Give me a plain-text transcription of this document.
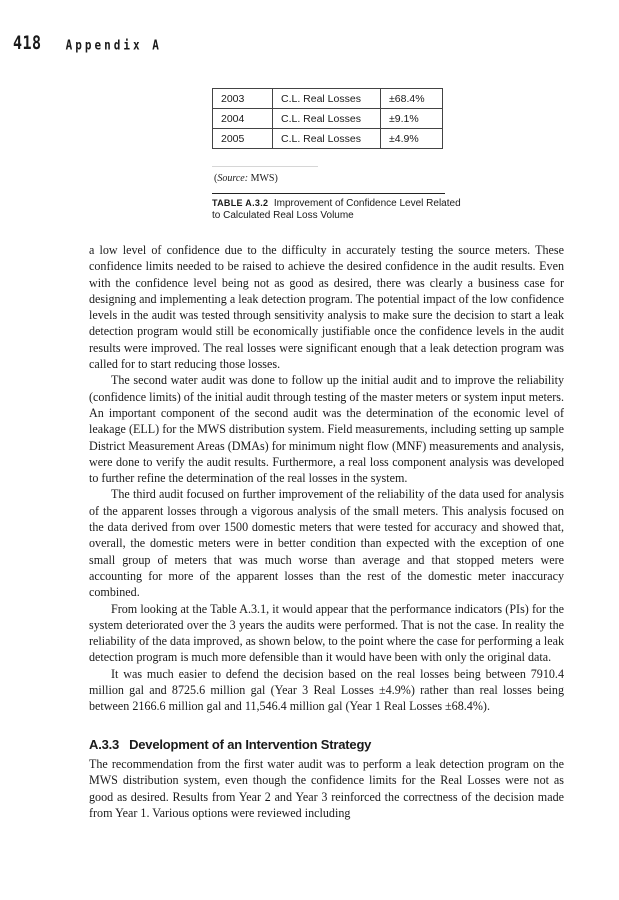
418 Appendix A
2003	C.L. Real Losses	±68.4%
2004	C.L. Real Losses	±9.1%
2005	C.L. Real Losses	±4.9%
(Source: MWS)
TABLE A.3.2 Improvement of Confidence Level Related to Calculated Real Loss Volume

a low level of confidence due to the difficulty in accurately testing the source meters. These confidence limits needed to be raised to achieve the desired confidence in the audit results. Even with the confidence level being not as good as desired, there was clearly a business case for designing and implementing a leak detection program. The potential impact of the low confidence levels in the audit was tested through sensitivity analysis to make sure the decision to start a leak detection program would still be economically justifiable once the confidence levels in the audit results were improved. The real losses were significant enough that a leak detection program was called for to start reducing those losses.

The second water audit was done to follow up the initial audit and to improve the reliability (confidence limits) of the initial audit through testing of the master meters or system input meters. An important component of the second audit was the determination of the economic level of leakage (ELL) for the MWS distribution system. Field measurements, including setting up sample District Measurement Areas (DMAs) for minimum night flow (MNF) measurements and analysis, were done to verify the audit results. Furthermore, a real loss component analysis was developed to further refine the determination of the real losses in the system.

The third audit focused on further improvement of the reliability of the data used for analysis of the apparent losses through a vigorous analysis of the small meters. This analysis focused on the data derived from over 1500 domestic meters that were tested for accuracy and showed that, overall, the domestic meters were in better condition than expected with the exception of one small group of meters that was much worse than average and that stopped meters were accounting for more of the apparent losses than the rest of the domestic meter inaccuracy combined.

From looking at the Table A.3.1, it would appear that the performance indicators (PIs) for the system deteriorated over the 3 years the audits were performed. That is not the case. In reality the reliability of the data improved, as shown below, to the point where the case for performing a leak detection program is much more defensible than it would have been with only the original data.

It was much easier to defend the decision based on the real losses being between 7910.4 million gal and 8725.6 million gal (Year 3 Real Losses ±4.9%) rather than real losses being between 2166.6 million gal and 11,546.4 million gal (Year 1 Real Losses ±68.4%).

A.3.3 Development of an Intervention Strategy

The recommendation from the first water audit was to perform a leak detection program on the MWS distribution system, even though the confidence limits for the Real Losses were not as good as desired. Results from Year 2 and Year 3 reinforced the correctness of the decision made from Year 1. Various options were reviewed including
